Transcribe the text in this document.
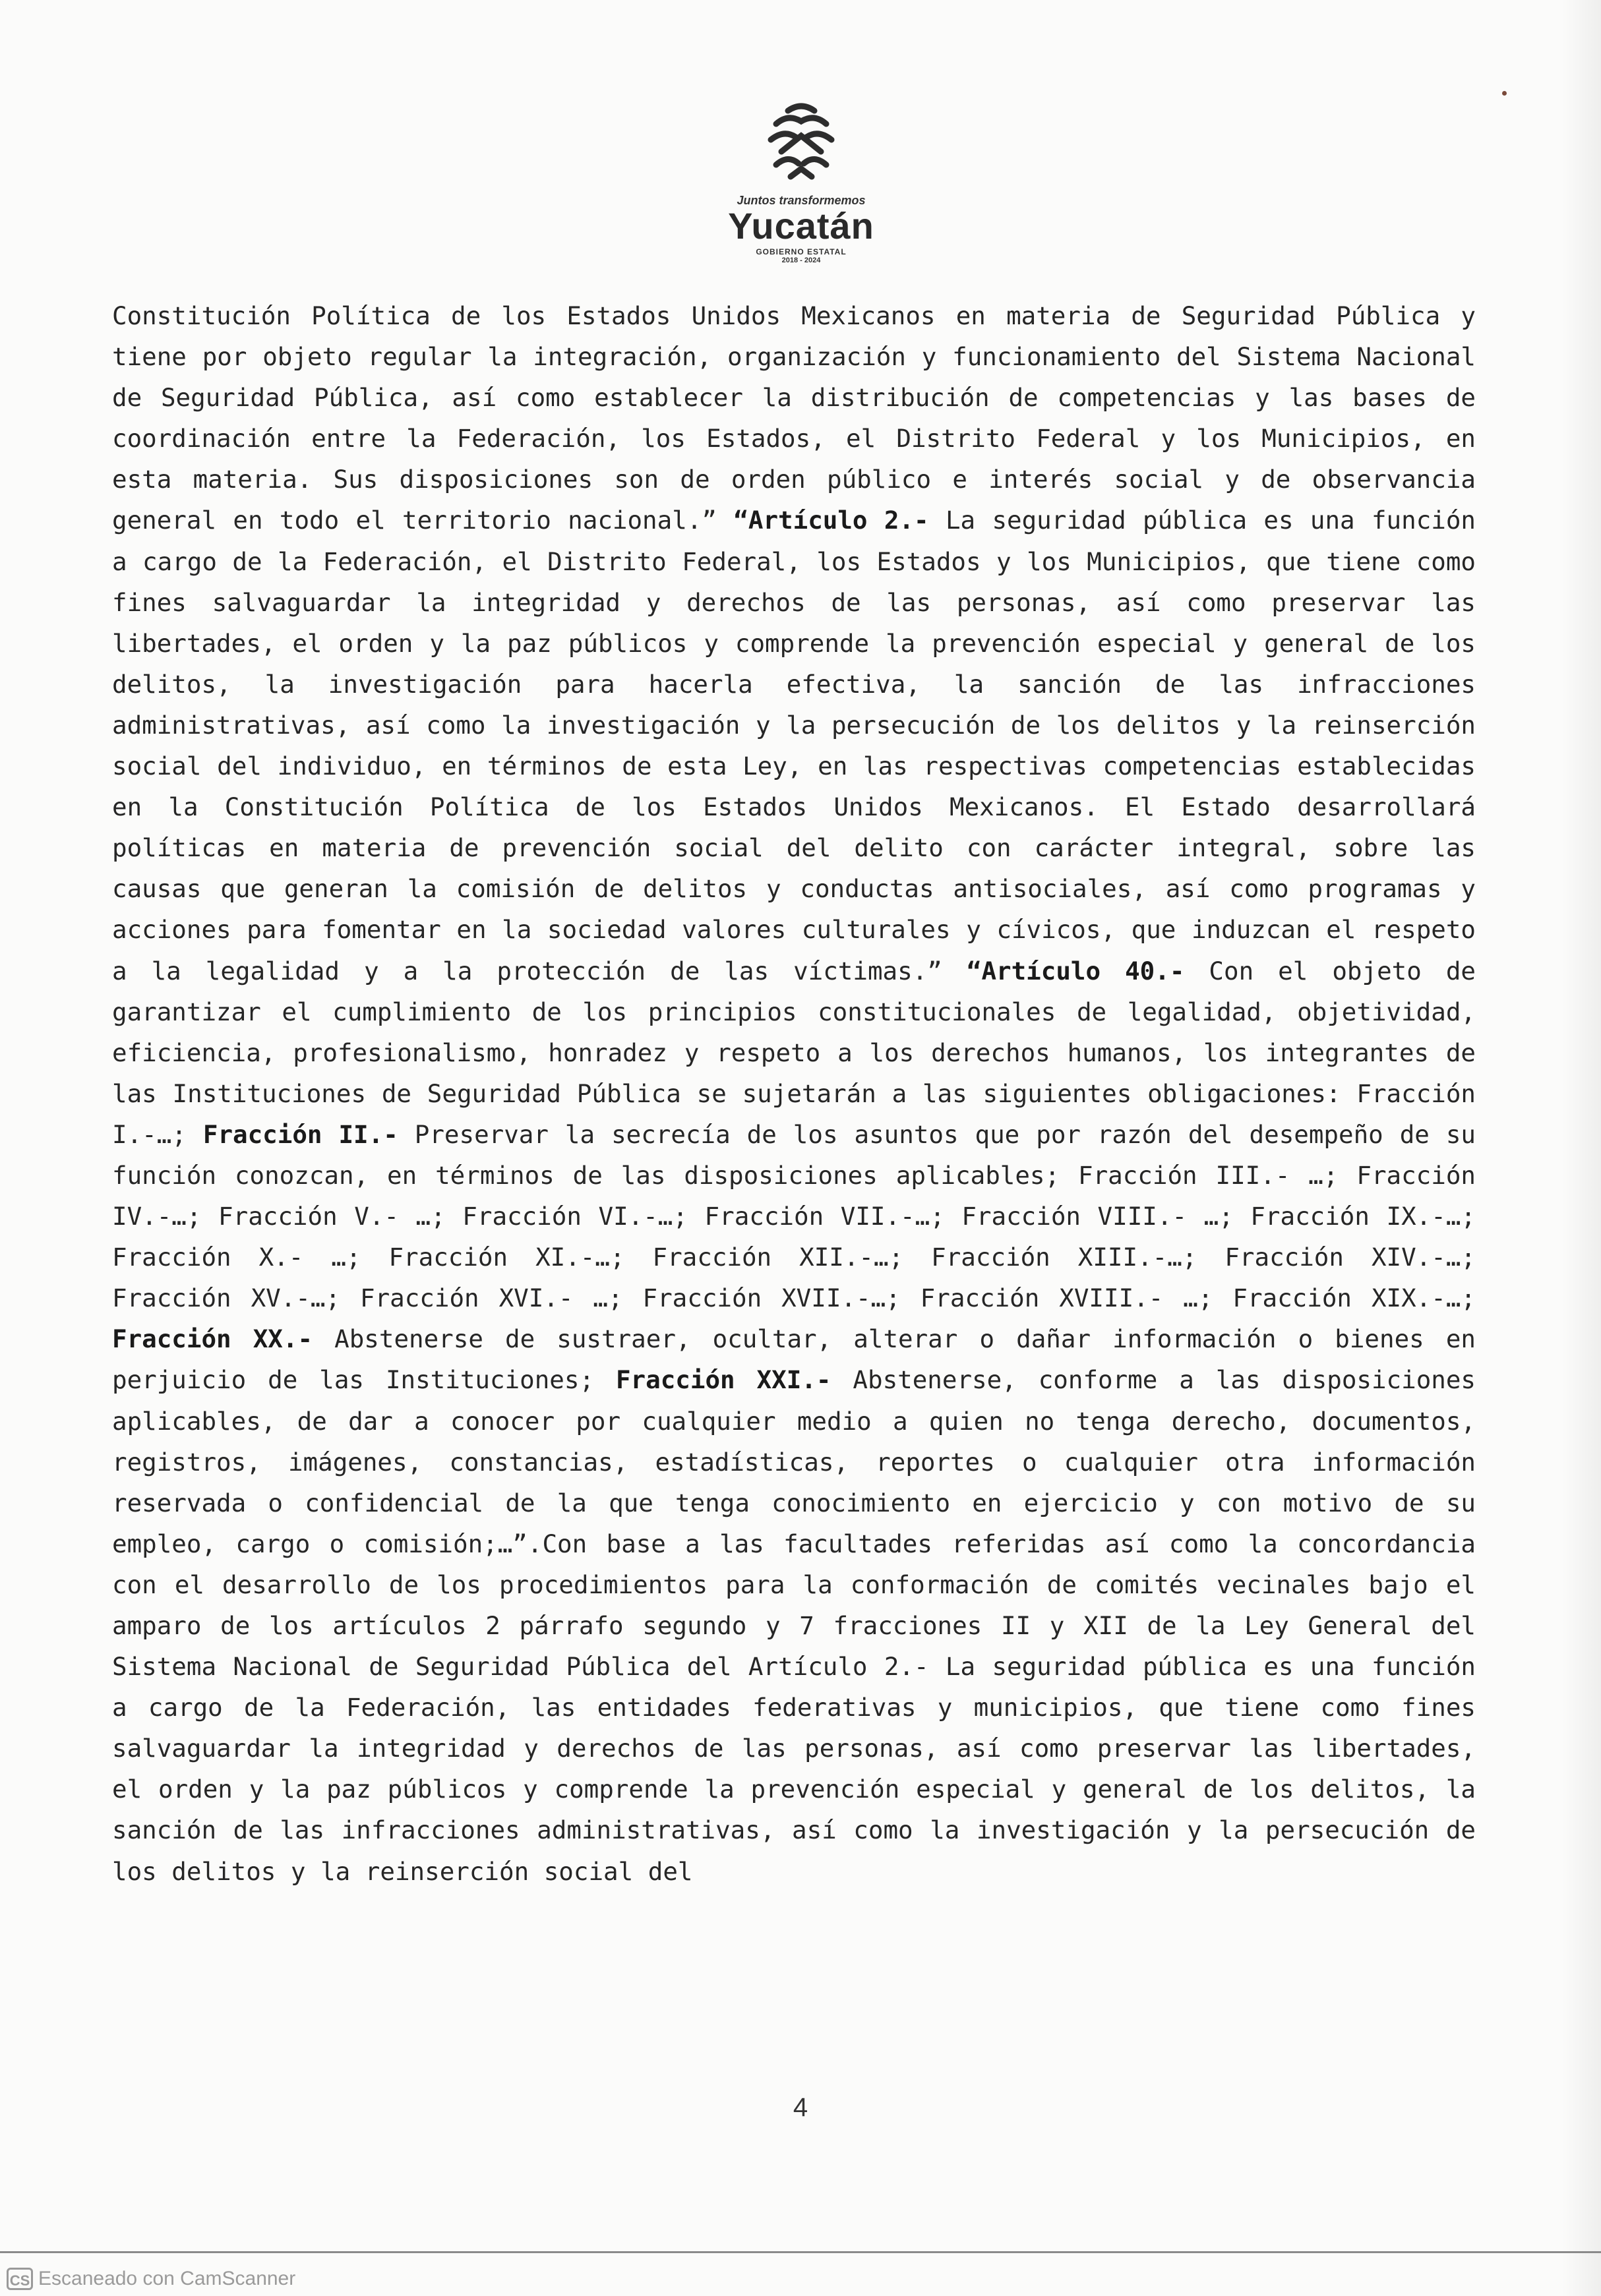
Juntos transformemos
Yucatán
GOBIERNO ESTATAL
2018 - 2024

Constitución Política de los Estados Unidos Mexicanos en materia de Seguridad Pública y tiene por objeto regular la integración, organización y funcionamiento del Sistema Nacional de Seguridad Pública, así como establecer la distribución de competencias y las bases de coordinación entre la Federación, los Estados, el Distrito Federal y los Municipios, en esta materia. Sus disposiciones son de orden público e interés social y de observancia general en todo el territorio nacional.” “Artículo 2.- La seguridad pública es una función a cargo de la Federación, el Distrito Federal, los Estados y los Municipios, que tiene como fines salvaguardar la integridad y derechos de las personas, así como preservar las libertades, el orden y la paz públicos y comprende la prevención especial y general de los delitos, la investigación para hacerla efectiva, la sanción de las infracciones administrativas, así como la investigación y la persecución de los delitos y la reinserción social del individuo, en términos de esta Ley, en las respectivas competencias establecidas en la Constitución Política de los Estados Unidos Mexicanos. El Estado desarrollará políticas en materia de prevención social del delito con carácter integral, sobre las causas que generan la comisión de delitos y conductas antisociales, así como programas y acciones para fomentar en la sociedad valores culturales y cívicos, que induzcan el respeto a la legalidad y a la protección de las víctimas.” “Artículo 40.- Con el objeto de garantizar el cumplimiento de los principios constitucionales de legalidad, objetividad, eficiencia, profesionalismo, honradez y respeto a los derechos humanos, los integrantes de las Instituciones de Seguridad Pública se sujetarán a las siguientes obligaciones: Fracción I.-…; Fracción II.- Preservar la secrecía de los asuntos que por razón del desempeño de su función conozcan, en términos de las disposiciones aplicables; Fracción III.- …; Fracción IV.-…; Fracción V.- …; Fracción VI.-…; Fracción VII.-…; Fracción VIII.- …; Fracción IX.-…; Fracción X.- …; Fracción XI.-…; Fracción XII.-…; Fracción XIII.-…; Fracción XIV.-…; Fracción XV.-…; Fracción XVI.- …; Fracción XVII.-…; Fracción XVIII.- …; Fracción XIX.-…; Fracción XX.- Abstenerse de sustraer, ocultar, alterar o dañar información o bienes en perjuicio de las Instituciones; Fracción XXI.- Abstenerse, conforme a las disposiciones aplicables, de dar a conocer por cualquier medio a quien no tenga derecho, documentos, registros, imágenes, constancias, estadísticas, reportes o cualquier otra información reservada o confidencial de la que tenga conocimiento en ejercicio y con motivo de su empleo, cargo o comisión;…”.Con base a las facultades referidas así como la concordancia con el desarrollo de los procedimientos para la conformación de comités vecinales bajo el amparo de los artículos 2 párrafo segundo y 7 fracciones II y XII de la Ley General del Sistema Nacional de Seguridad Pública del Artículo 2.- La seguridad pública es una función a cargo de la Federación, las entidades federativas y municipios, que tiene como fines salvaguardar la integridad y derechos de las personas, así como preservar las libertades, el orden y la paz públicos y comprende la prevención especial y general de los delitos, la sanción de las infracciones administrativas, así como la investigación y la persecución de los delitos y la reinserción social del

4
CS Escaneado con CamScanner
